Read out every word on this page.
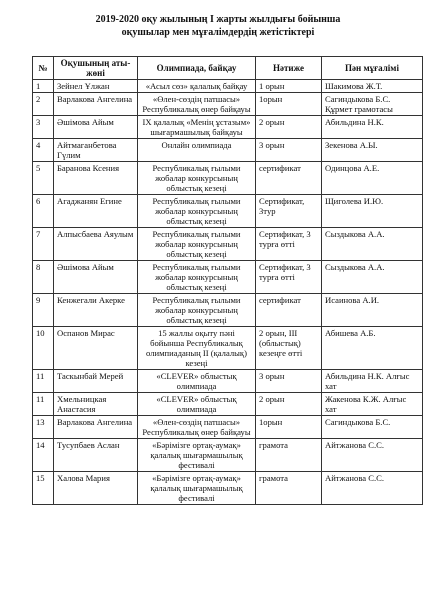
2019-2020 оқу жылының I жарты жылдығы бойынша
оқушылар мен мұғалімдердің жетістіктері
№	Оқушының аты-жөні	Олимпиада, байқау	Нәтиже	Пән мұғалімі
1	Зейнел Ұлжан	«Асыл сөз» қалалық байқау	1 орын	Шакимова Ж.Т.
2	Варлакова Ангелина	«Өлен-сөздің патшасы» Республикалық өнер байқауы	1орын	Сагиндыкова Б.С. Құрмет грамотасы
3	Әшімова Айым	IX қалалық «Менің ұстазым» шығармашылық байқауы	2 орын	Абильдина Н.К.
4	Айтмаганбетова Гүлим	Онлайн олимпиада	3 орын	Зекенова А.Ы.
5	Баранова Ксения	Республикалық ғылыми жобалар конкурсының облыстық кезеңі	сертификат	Одинцова А.Е.
6	Агаджанян Егине	Республикалық ғылыми жобалар конкурсының облыстық кезеңі	Сертификат, 3тур	Щиголева И.Ю.
7	Алпысбаева Аяулым	Республикалық ғылыми жобалар конкурсының облыстық кезеңі	Сертификат, 3 турға өтті	Сыздыкова А.А.
8	Әшімова Айым	Республикалық ғылыми жобалар конкурсының облыстық кезеңі	Сертификат, 3 турға өтті	Сыздыкова А.А.
9	Кенжегали Акерке	Республикалық ғылыми жобалар конкурсының облыстық кезеңі	сертификат	Исаинова А.И.
10	Оспанов Мирас	15 жаллы оқыту пәні бойынша Республикалық олимпиаданың II (қалалық) кезеңі	2 орын, III (облыстық) кезеңге өтті	Абишева А.Б.
11	Таскынбай Мерей	«CLEVER» облыстық олимпиада	3 орын	Абильдина Н.К. Алғыс хат
11	Хмельницкая Анастасия	«CLEVER» облыстық олимпиада	2 орын	Жакенова К.Ж. Алғыс хат
13	Варлакова Ангелина	«Өлен-сөздің патшасы» Республикалық өнер байқауы	1орын	Сагиндыкова Б.С.
14	Тусупбаев Аслан	«Бәрімізге ортақ-аумақ» қалалық шығармашылық фестивалі	грамота	Айтжанова С.С.
15	Халова Мария	«Бәрімізге ортақ-аумақ» қалалық шығармашылық фестивалі	грамота	Айтжанова С.С.
